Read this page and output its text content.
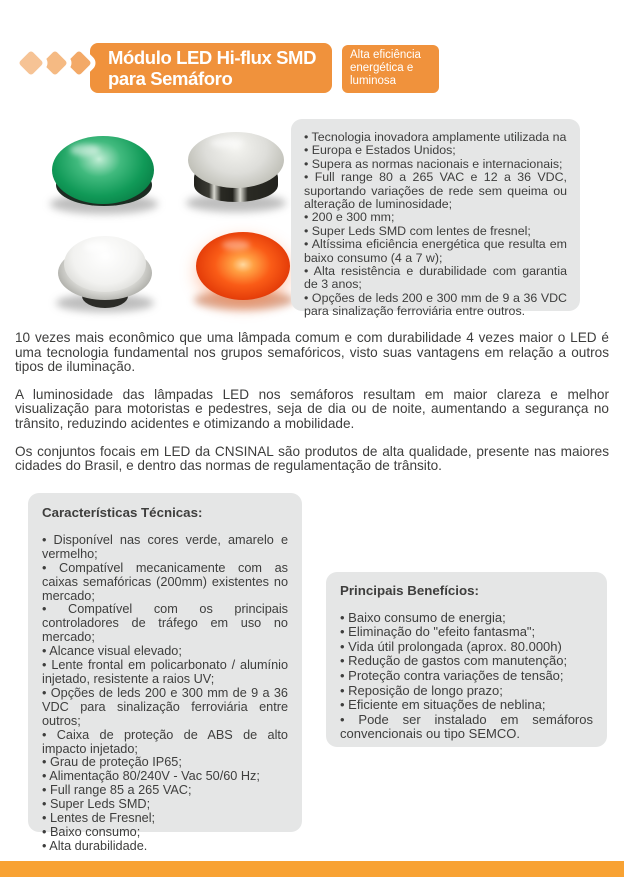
Módulo LED Hi-flux SMD
para Semáforo
Alta eficiência energética e luminosa
• Tecnologia inovadora amplamente utilizada na
• Europa e Estados Unidos;
• Supera as normas nacionais e internacionais;
• Full range 80 a 265 VAC e 12 a 36 VDC, suportando variações de rede sem queima ou alteração de luminosidade;
• 200 e 300 mm;
• Super Leds SMD com lentes de fresnel;
• Altíssima eficiência energética que resulta em baixo consumo (4 a 7 w);
• Alta resistência e durabilidade com garantia de 3 anos;
• Opções de leds 200 e 300 mm de 9 a 36 VDC para sinalização ferroviária entre outros.

10 vezes mais econômico que uma lâmpada comum e com durabilidade 4 vezes maior o LED é uma tecnologia fundamental nos grupos semafóricos, visto suas vantagens em relação a outros tipos de iluminação.

A luminosidade das lâmpadas LED nos semáforos resultam em maior clareza e melhor visualização para motoristas e pedestres, seja de dia ou de noite, aumentando a segurança no trânsito, reduzindo acidentes e otimizando a mobilidade.

Os conjuntos focais em LED da CNSINAL são produtos de alta qualidade, presente nas maiores cidades do Brasil, e dentro das normas de regulamentação de trânsito.

Características Técnicas:
• Disponível nas cores verde, amarelo e vermelho;
• Compatível mecanicamente com as caixas semafóricas (200mm) existentes no mercado;
• Compatível com os principais controladores de tráfego em uso no mercado;
• Alcance visual elevado;
• Lente frontal em policarbonato / alumínio injetado, resistente a raios UV;
• Opções de leds 200 e 300 mm de 9 a 36 VDC para sinalização ferroviária entre outros;
• Caixa de proteção de ABS de alto impacto injetado;
• Grau de proteção IP65;
• Alimentação 80/240V - Vac 50/60 Hz;
• Full range 85 a 265 VAC;
• Super Leds SMD;
• Lentes de Fresnel;
• Baixo consumo;
• Alta durabilidade.
Principais Benefícios:
• Baixo consumo de energia;
• Eliminação do "efeito fantasma";
• Vida útil prolongada (aprox. 80.000h)
• Redução de gastos com manutenção;
• Proteção contra variações de tensão;
• Reposição de longo prazo;
• Eficiente em situações de neblina;
• Pode ser instalado em semáforos convencionais ou tipo SEMCO.
